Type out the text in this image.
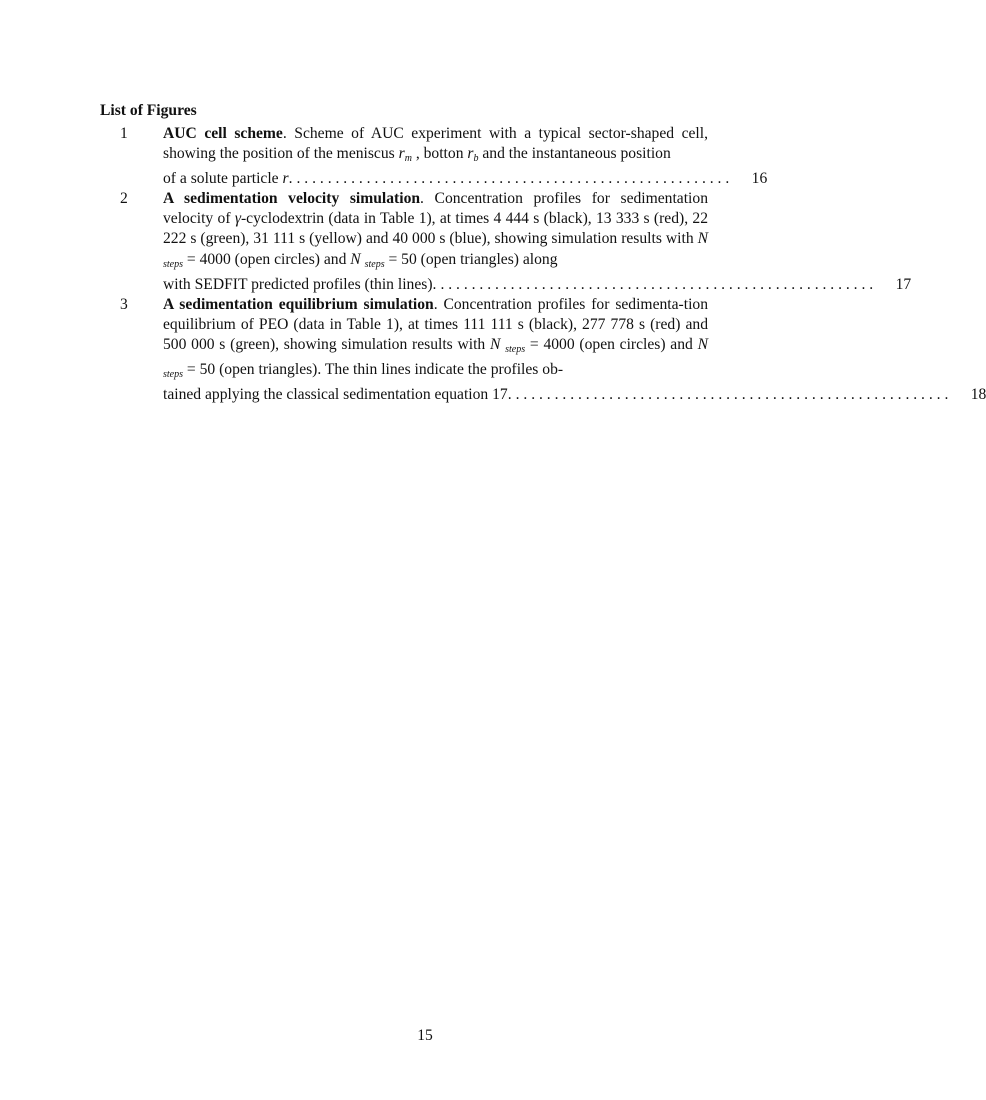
List of Figures
1	AUC cell scheme. Scheme of AUC experiment with a typical sector-shaped cell, showing the position of the meniscus $r_m$ , botton $r_b$ and the instantaneous position
of a solute particle r. . . . . . . . . . . . . . . . . . . . . . . . . . . . . . . . . . . . . . . . . . . . . . . . . . . . . . . . .	16
2	A sedimentation velocity simulation. Concentration profiles for sedimentation velocity of γ-cyclodextrin (data in Table 1), at times 4 444 s (black), 13 333 s (red), 22 222 s (green), 31 111 s (yellow) and 40 000 s (blue), showing simulation results with N $_{steps}$ = 4000 (open circles) and N $_{steps}$ = 50 (open triangles) along
with SEDFIT predicted profiles (thin lines). . . . . . . . . . . . . . . . . . . . . . . . . . . . . . . . . . . . . . . . . . . . . . . . . . . . . . . . .	17
3	A sedimentation equilibrium simulation. Concentration profiles for sedimenta-tion equilibrium of PEO (data in Table 1), at times 111 111 s (black), 277 778 s (red) and 500 000 s (green), showing simulation results with N $_{steps}$ = 4000 (open circles) and N $_{steps}$ = 50 (open triangles). The thin lines indicate the profiles ob-
tained applying the classical sedimentation equation 17. . . . . . . . . . . . . . . . . . . . . . . . . . . . . . . . . . . . . . . . . . . . . . . . . . . . . . . . .	18
15
